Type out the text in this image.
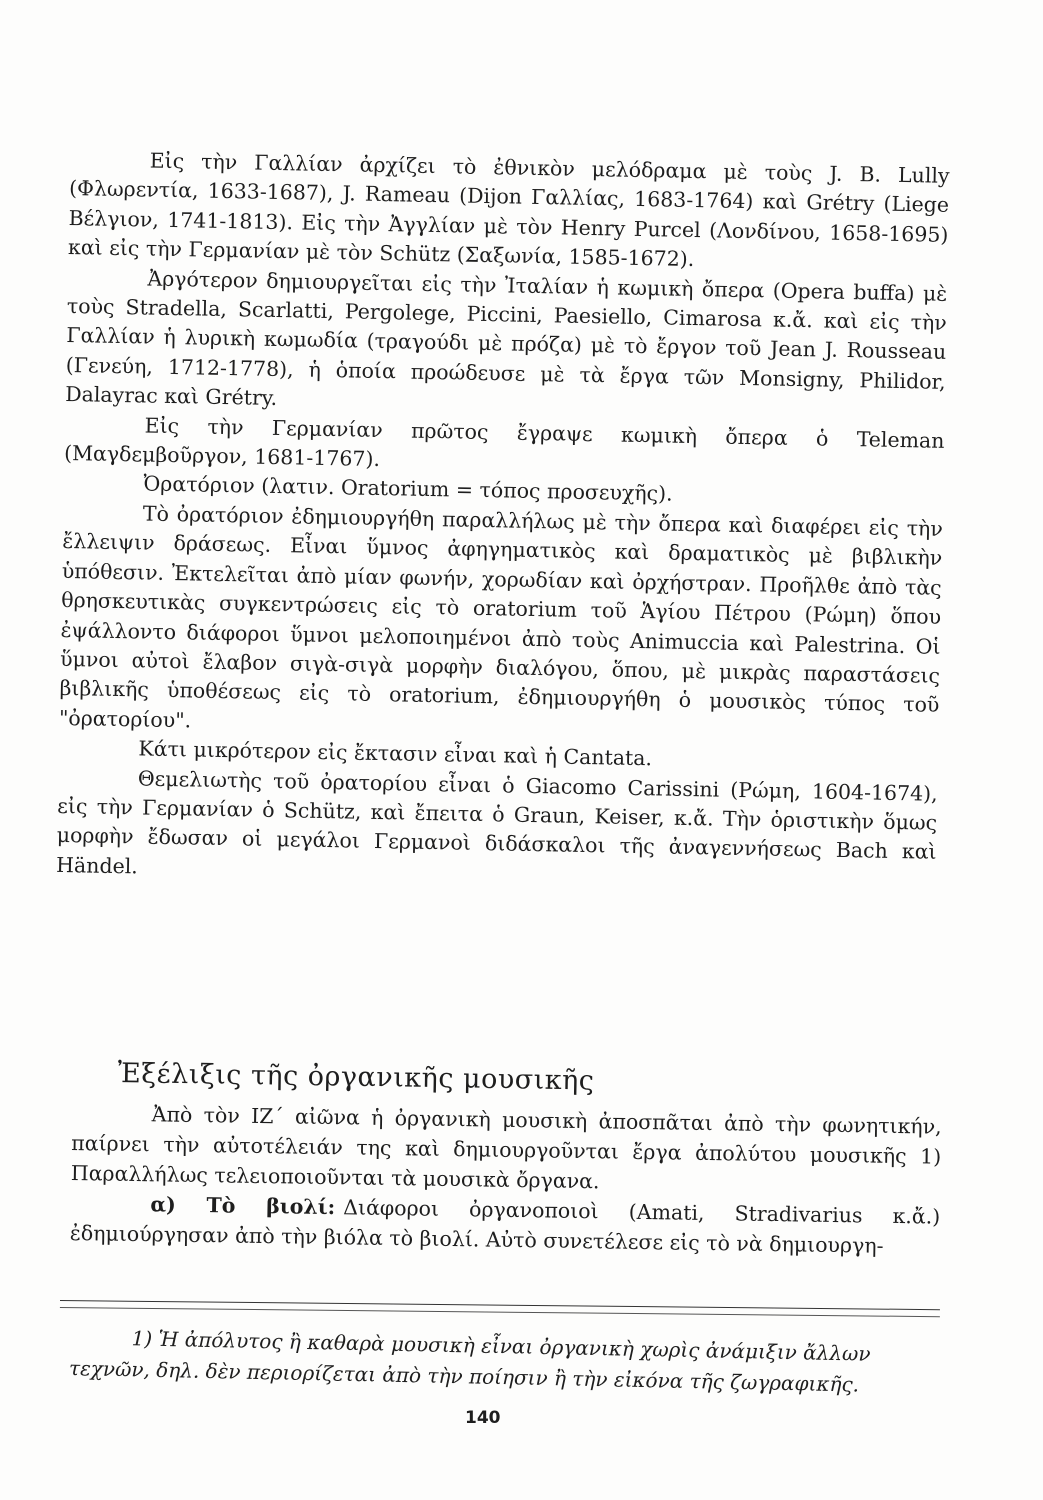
Εἰς τὴν Γαλλίαν ἀρχίζει τὸ ἐθνικὸν μελόδραμα μὲ τοὺς J. B. Lully (Φλωρεντία, 1633-1687), J. Rameau (Dijon Γαλλίας, 1683-1764) καὶ Grétry (Liege Βέλγιον, 1741-1813). Εἰς τὴν Ἀγγλίαν μὲ τὸν Henry Purcel (Λονδίνου, 1658-1695) καὶ εἰς τὴν Γερμανίαν μὲ τὸν Schütz (Σαξωνία, 1585-1672).

Ἀργότερον δημιουργεῖται εἰς τὴν Ἰταλίαν ἡ κωμικὴ ὄπερα (Opera buffa) μὲ τοὺς Stradella, Scarlatti, Pergolege, Piccini, Paesiello, Cimarosa κ.ἄ. καὶ εἰς τὴν Γαλλίαν ἡ λυρικὴ κωμωδία (τραγούδι μὲ πρόζα) μὲ τὸ ἔργον τοῦ Jean J. Rousseau (Γενεύη, 1712-1778), ἡ ὁποία προώδευσε μὲ τὰ ἔργα τῶν Monsigny, Philidor, Dalayrac καὶ Grétry.

Εἰς τὴν Γερμανίαν πρῶτος ἔγραψε κωμικὴ ὄπερα ὁ Teleman (Μαγδεμβοῦργον, 1681-1767).

Ὀρατόριον (λατιν. Oratorium = τόπος προσευχῆς).

Τὸ ὀρατόριον ἐδημιουργήθη παραλλήλως μὲ τὴν ὄπερα καὶ διαφέρει εἰς τὴν ἔλλειψιν δράσεως. Εἶναι ὕμνος ἀφηγηματικὸς καὶ δραματικὸς μὲ βιβλικὴν ὑπόθεσιν. Ἐκτελεῖται ἀπὸ μίαν φωνήν, χορωδίαν καὶ ὀρχήστραν. Προῆλθε ἀπὸ τὰς θρησκευτικὰς συγκεντρώσεις εἰς τὸ oratorium τοῦ Ἁγίου Πέτρου (Ρώμη) ὅπου ἐψάλλοντο διάφοροι ὕμνοι μελοποιημένοι ἀπὸ τοὺς Animuccia καὶ Palestrina. Οἱ ὕμνοι αὐτοὶ ἔλαβον σιγὰ-σιγὰ μορφὴν διαλόγου, ὅπου, μὲ μικρὰς παραστάσεις βιβλικῆς ὑποθέσεως εἰς τὸ oratorium, ἐδημιουργήθη ὁ μουσικὸς τύπος τοῦ "ὀρατορίου".

Κάτι μικρότερον εἰς ἔκτασιν εἶναι καὶ ἡ Cantata.

Θεμελιωτὴς τοῦ ὀρατορίου εἶναι ὁ Giacomo Carissini (Ρώμη, 1604-1674), εἰς τὴν Γερμανίαν ὁ Schütz, καὶ ἔπειτα ὁ Graun, Keiser, κ.ἄ. Τὴν ὁριστικὴν ὅμως μορφὴν ἔδωσαν οἱ μεγάλοι Γερμανοὶ διδάσκαλοι τῆς ἀναγεννήσεως Bach καὶ Händel.

Ἐξέλιξις τῆς ὀργανικῆς μουσικῆς

Ἀπὸ τὸν ΙΖ΄ αἰῶνα ἡ ὀργανικὴ μουσικὴ ἀποσπᾶται ἀπὸ τὴν φωνητικήν, παίρνει τὴν αὐτοτέλειάν της καὶ δημιουργοῦνται ἔργα ἀπολύτου μουσικῆς 1) Παραλλήλως τελειοποιοῦνται τὰ μουσικὰ ὄργανα.

α) Τὸ βιολί: Διάφοροι ὀργανοποιοὶ (Amati, Stradivarius κ.ἄ.) ἐδημιούργησαν ἀπὸ τὴν βιόλα τὸ βιολί. Αὐτὸ συνετέλεσε εἰς τὸ νὰ δημιουργη-

1) Ἡ ἀπόλυτος ἢ καθαρὰ μουσικὴ εἶναι ὀργανικὴ χωρὶς ἀνάμιξιν ἄλλων τεχνῶν, δηλ. δὲν περιορίζεται ἀπὸ τὴν ποίησιν ἢ τὴν εἰκόνα τῆς ζωγραφικῆς.

140
